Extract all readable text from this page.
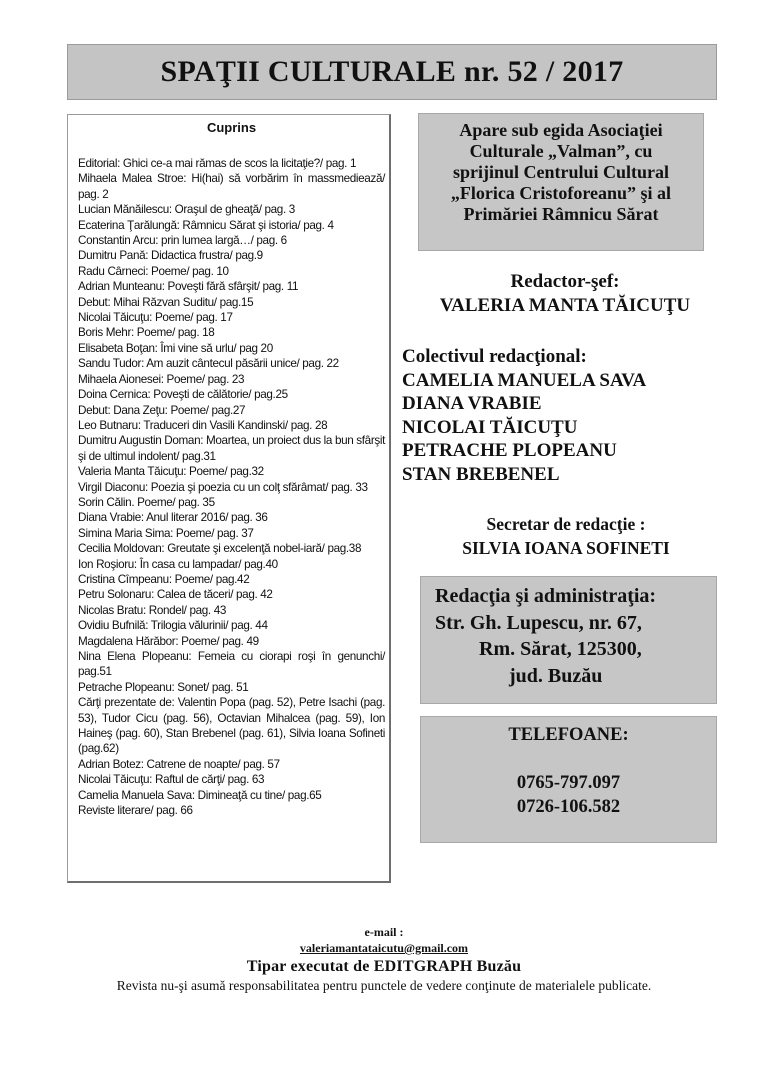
SPAŢII CULTURALE nr. 52 / 2017
Cuprins
Editorial: Ghici ce-a mai rămas de scos la licitaţie?/ pag. 1
Mihaela Malea Stroe: Hi(hai) să vorbărim în massmediează/ pag. 2
Lucian Mănăilescu: Oraşul de gheaţă/ pag. 3
Ecaterina Ţarălungă: Râmnicu Sărat şi istoria/ pag. 4
Constantin Arcu: prin lumea largă…/ pag. 6
Dumitru Pană: Didactica frustra/ pag.9
Radu Cârneci: Poeme/ pag. 10
Adrian Munteanu: Poveşti fără sfârşit/ pag. 11
Debut: Mihai Răzvan Suditu/ pag.15
Nicolai Tăicuţu: Poeme/ pag. 17
Boris Mehr: Poeme/ pag. 18
Elisabeta Boţan: Îmi vine să urlu/ pag 20
Sandu Tudor: Am auzit cântecul păsării unice/ pag. 22
Mihaela Aionesei: Poeme/ pag. 23
Doina Cernica: Poveşti de călătorie/ pag.25
Debut: Dana Zeţu: Poeme/ pag.27
Leo Butnaru: Traduceri din Vasili Kandinski/ pag. 28
Dumitru Augustin Doman: Moartea, un proiect dus la bun sfârşit şi de ultimul indolent/ pag.31
Valeria Manta Tăicuţu: Poeme/ pag.32
Virgil Diaconu: Poezia şi poezia cu un colţ sfărâmat/ pag. 33
Sorin Călin. Poeme/ pag. 35
Diana Vrabie: Anul literar 2016/ pag. 36
Simina Maria Sima: Poeme/ pag. 37
Cecilia Moldovan: Greutate şi excelenţă nobel-iară/ pag.38
Ion Roşioru: În casa cu lampadar/ pag.40
Cristina Cîmpeanu: Poeme/ pag.42
Petru Solonaru: Calea de tăceri/ pag. 42
Nicolas Bratu: Rondel/ pag. 43
Ovidiu Bufnilă: Trilogia vălurinii/ pag. 44
Magdalena Hărăbor: Poeme/ pag. 49
Nina Elena Plopeanu: Femeia cu ciorapi roşi în genunchi/ pag.51
Petrache Plopeanu: Sonet/ pag. 51
Cărţi prezentate de: Valentin Popa (pag. 52), Petre Isachi (pag. 53), Tudor Cicu (pag. 56), Octavian Mihalcea (pag. 59), Ion Haineş (pag. 60), Stan Brebenel (pag. 61), Silvia Ioana Sofineti (pag.62)
Adrian Botez: Catrene de noapte/ pag. 57
Nicolai Tăicuţu: Raftul de cărţi/ pag. 63
Camelia Manuela Sava: Dimineaţă cu tine/ pag.65
Reviste literare/ pag. 66
Apare sub egida Asociaţiei
Culturale „Valman”, cu
sprijinul Centrului Cultural
„Florica Cristoforeanu” şi al
Primăriei Râmnicu Sărat
Redactor-şef:
VALERIA MANTA TĂICUŢU
Colectivul redacţional:
CAMELIA MANUELA SAVA
DIANA VRABIE
NICOLAI TĂICUŢU
PETRACHE PLOPEANU
STAN BREBENEL
Secretar de redacţie :
SILVIA IOANA SOFINETI
Redacţia şi administraţia:
Str. Gh. Lupescu, nr. 67,
Rm. Sărat, 125300,
jud. Buzău
TELEFOANE:
0765-797.097
0726-106.582
e-mail :
valeriamantataicutu@gmail.com
Tipar executat de EDITGRAPH Buzău
Revista nu-şi asumă responsabilitatea pentru punctele de vedere conţinute de materialele publicate.
